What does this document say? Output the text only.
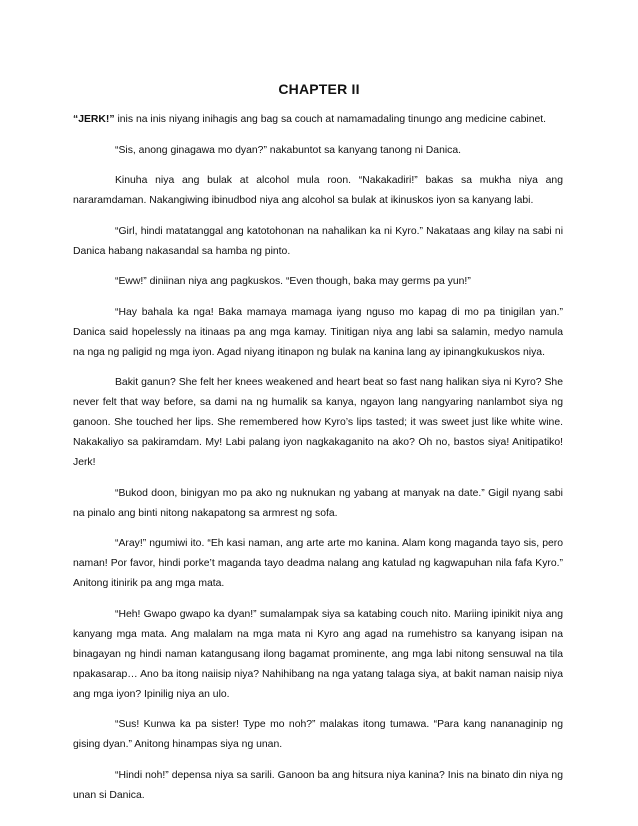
CHAPTER II

“JERK!” inis na inis niyang inihagis ang bag sa couch at namamadaling tinungo ang medicine cabinet.

“Sis, anong ginagawa mo dyan?” nakabuntot sa kanyang tanong ni Danica.

Kinuha niya ang bulak at alcohol mula roon. “Nakakadiri!” bakas sa mukha niya ang nararamdaman. Nakangiwing ibinudbod niya ang alcohol sa bulak at ikinuskos iyon sa kanyang labi.

“Girl, hindi matatanggal ang katotohonan na nahalikan ka ni Kyro.” Nakataas ang kilay na sabi ni Danica habang nakasandal sa hamba ng pinto.

“Eww!” diniinan niya ang pagkuskos. “Even though, baka may germs pa yun!”

“Hay bahala ka nga! Baka mamaya mamaga iyang nguso mo kapag di mo pa tinigilan yan.” Danica said hopelessly na itinaas pa ang mga kamay. Tinitigan niya ang labi sa salamin, medyo namula na nga ng paligid ng mga iyon. Agad niyang itinapon ng bulak na kanina lang ay ipinangkukuskos niya.

Bakit ganun? She felt her knees weakened and heart beat so fast nang halikan siya ni Kyro? She never felt that way before, sa dami na ng humalik sa kanya, ngayon lang nangyaring nanlambot siya ng ganoon. She touched her lips. She remembered how Kyro’s lips tasted; it was sweet just like white wine. Nakakaliyo sa pakiramdam. My! Labi palang iyon nagkakaganito na ako? Oh no, bastos siya! Anitipatiko! Jerk!

“Bukod doon, binigyan mo pa ako ng nuknukan ng yabang at manyak na date.” Gigil nyang sabi na pinalo ang binti nitong nakapatong sa armrest ng sofa.

“Aray!” ngumiwi ito. “Eh kasi naman, ang arte arte mo kanina. Alam kong maganda tayo sis, pero naman! Por favor, hindi porke’t maganda tayo deadma nalang ang katulad ng kagwapuhan nila fafa Kyro.” Anitong itinirik pa ang mga mata.

“Heh! Gwapo gwapo ka dyan!” sumalampak siya sa katabing couch nito. Mariing ipinikit niya ang kanyang mga mata. Ang malalam na mga mata ni Kyro ang agad na rumehistro sa kanyang isipan na binagayan ng hindi naman katangusang ilong bagamat prominente, ang mga labi nitong sensuwal na tila npakasarap… Ano ba itong naiisip niya? Nahihibang na nga yatang talaga siya, at bakit naman naisip niya ang mga iyon? Ipinilig niya an ulo.

“Sus! Kunwa ka pa sister! Type mo noh?” malakas itong tumawa. “Para kang nananaginip ng gising dyan.” Anitong hinampas siya ng unan.

“Hindi noh!” depensa niya sa sarili. Ganoon ba ang hitsura niya kanina? Inis na binato din niya ng unan si Danica.
